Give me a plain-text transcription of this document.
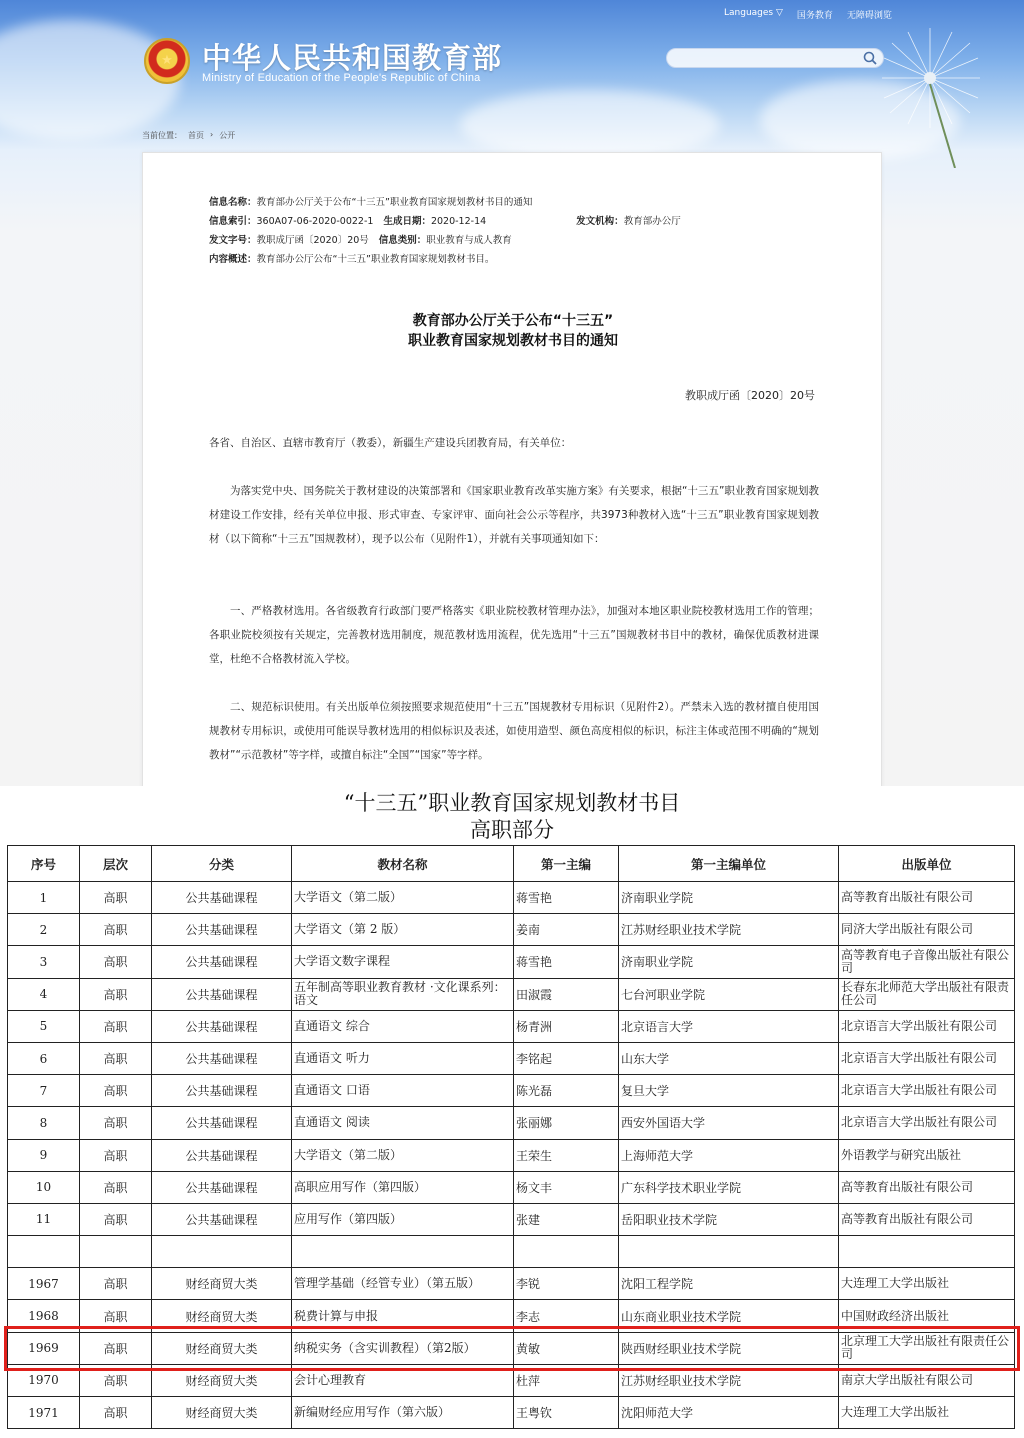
★	中华人民共和国教育部
Ministry of Education of the People's Republic of China
Languages ▽ 国务教育 无障碍浏览
当前位置： 首页 › 公开
信息名称： 教育部办公厅关于公布“十三五”职业教育国家规划教材书目的通知
信息索引： 360A07-06-2020-0022-1 生成日期： 2020-12-14	发文机构： 教育部办公厅
发文字号： 教职成厅函〔2020〕20号 信息类别： 职业教育与成人教育
内容概述： 教育部办公厅公布“十三五”职业教育国家规划教材书目。
教育部办公厅关于公布“十三五”
职业教育国家规划教材书目的通知
教职成厅函〔2020〕20号
各省、自治区、直辖市教育厅（教委），新疆生产建设兵团教育局，有关单位：
为落实党中央、国务院关于教材建设的决策部署和《国家职业教育改革实施方案》有关要求，根据“十三五”职业教育国家规划教材建设工作安排，经有关单位申报、形式审查、专家评审、面向社会公示等程序，共3973种教材入选“十三五”职业教育国家规划教材（以下简称“十三五”国规教材），现予以公布（见附件1），并就有关事项通知如下：
一、严格教材选用。各省级教育行政部门要严格落实《职业院校教材管理办法》，加强对本地区职业院校教材选用工作的管理；各职业院校须按有关规定，完善教材选用制度，规范教材选用流程，优先选用“十三五”国规教材书目中的教材，确保优质教材进课堂，杜绝不合格教材流入学校。
二、规范标识使用。有关出版单位须按照要求规范使用“十三五”国规教材专用标识（见附件2）。严禁未入选的教材擅自使用国规教材专用标识，或使用可能误导教材选用的相似标识及表述，如使用造型、颜色高度相似的标识，标注主体或范围不明确的“规划教材”“示范教材”等字样，或擅自标注“全国”“国家”等字样。
“十三五”职业教育国家规划教材书目
高职部分
序号	层次	分类	教材名称	第一主编	第一主编单位	出版单位
1	高职	公共基础课程	大学语文（第二版）	蒋雪艳	济南职业学院	高等教育出版社有限公司
2	高职	公共基础课程	大学语文（第 2 版）	姜南	江苏财经职业技术学院	同济大学出版社有限公司
3	高职	公共基础课程	大学语文数字课程	蒋雪艳	济南职业学院	高等教育电子音像出版社有限公司
4	高职	公共基础课程	五年制高等职业教育教材 ·文化课系列：语文	田淑霞	七台河职业学院	长春东北师范大学出版社有限责任公司
5	高职	公共基础课程	直通语文 综合	杨青洲	北京语言大学	北京语言大学出版社有限公司
6	高职	公共基础课程	直通语文 听力	李铭起	山东大学	北京语言大学出版社有限公司
7	高职	公共基础课程	直通语文 口语	陈光磊	复旦大学	北京语言大学出版社有限公司
8	高职	公共基础课程	直通语文 阅读	张丽娜	西安外国语大学	北京语言大学出版社有限公司
9	高职	公共基础课程	大学语文（第二版）	王荣生	上海师范大学	外语教学与研究出版社
10	高职	公共基础课程	高职应用写作（第四版）	杨文丰	广东科学技术职业学院	高等教育出版社有限公司
11	高职	公共基础课程	应用写作（第四版）	张建	岳阳职业技术学院	高等教育出版社有限公司

1967	高职	财经商贸大类	管理学基础（经管专业）（第五版）	李锐	沈阳工程学院	大连理工大学出版社
1968	高职	财经商贸大类	税费计算与申报	李志	山东商业职业技术学院	中国财政经济出版社
1969	高职	财经商贸大类	纳税实务（含实训教程）（第2版）	黄敏	陕西财经职业技术学院	北京理工大学出版社有限责任公司
1970	高职	财经商贸大类	会计心理教育	杜萍	江苏财经职业技术学院	南京大学出版社有限公司
1971	高职	财经商贸大类	新编财经应用写作（第六版）	王粤钦	沈阳师范大学	大连理工大学出版社
